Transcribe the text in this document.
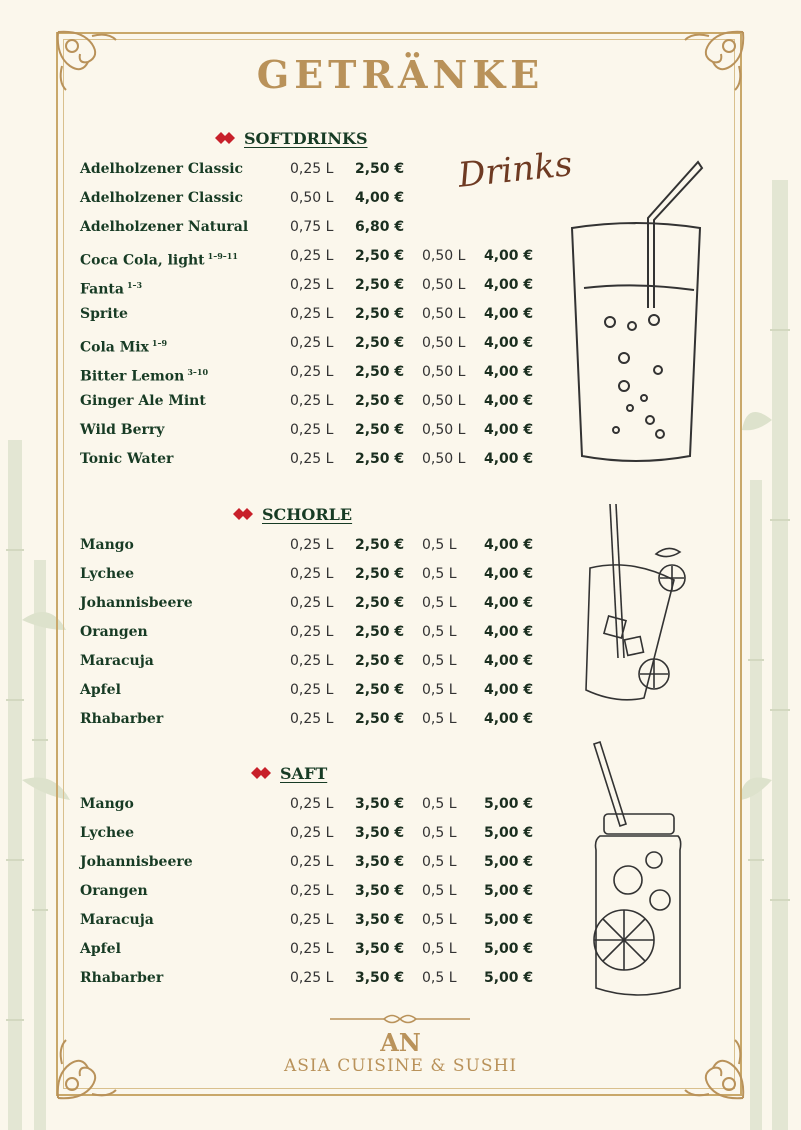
GETRÄNKE
SOFTDRINKS
SCHORLE
SAFT
Adelholzener Classic	0,25 L 2,50 €
Adelholzener Classic	0,50 L 4,00 €
Adelholzener Natural	0,75 L 6,80 €
Coca Cola, light $^{1-9-11}$	0,25 L 2,50 € 0,50 L 4,00 €
Fanta $^{1-3}$	0,25 L 2,50 € 0,50 L 4,00 €
Sprite	0,25 L 2,50 € 0,50 L 4,00 €
Cola Mix $^{1-9}$	0,25 L 2,50 € 0,50 L 4,00 €
Bitter Lemon $^{3-10}$	0,25 L 2,50 € 0,50 L 4,00 €
Ginger Ale Mint	0,25 L 2,50 € 0,50 L 4,00 €
Wild Berry	0,25 L 2,50 € 0,50 L 4,00 €
Tonic Water	0,25 L 2,50 € 0,50 L 4,00 €
Mango	0,25 L 2,50 € 0,5 L 4,00 €
Lychee	0,25 L 2,50 € 0,5 L 4,00 €
Johannisbeere	0,25 L 2,50 € 0,5 L 4,00 €
Orangen	0,25 L 2,50 € 0,5 L 4,00 €
Maracuja	0,25 L 2,50 € 0,5 L 4,00 €
Apfel	0,25 L 2,50 € 0,5 L 4,00 €
Rhabarber	0,25 L 2,50 € 0,5 L 4,00 €
Mango	0,25 L 3,50 € 0,5 L 5,00 €
Lychee	0,25 L 3,50 € 0,5 L 5,00 €
Johannisbeere	0,25 L 3,50 € 0,5 L 5,00 €
Orangen	0,25 L 3,50 € 0,5 L 5,00 €
Maracuja	0,25 L 3,50 € 0,5 L 5,00 €
Apfel	0,25 L 3,50 € 0,5 L 5,00 €
Rhabarber	0,25 L 3,50 € 0,5 L 5,00 €
Drinks
AN
ASIA CUISINE & SUSHI
